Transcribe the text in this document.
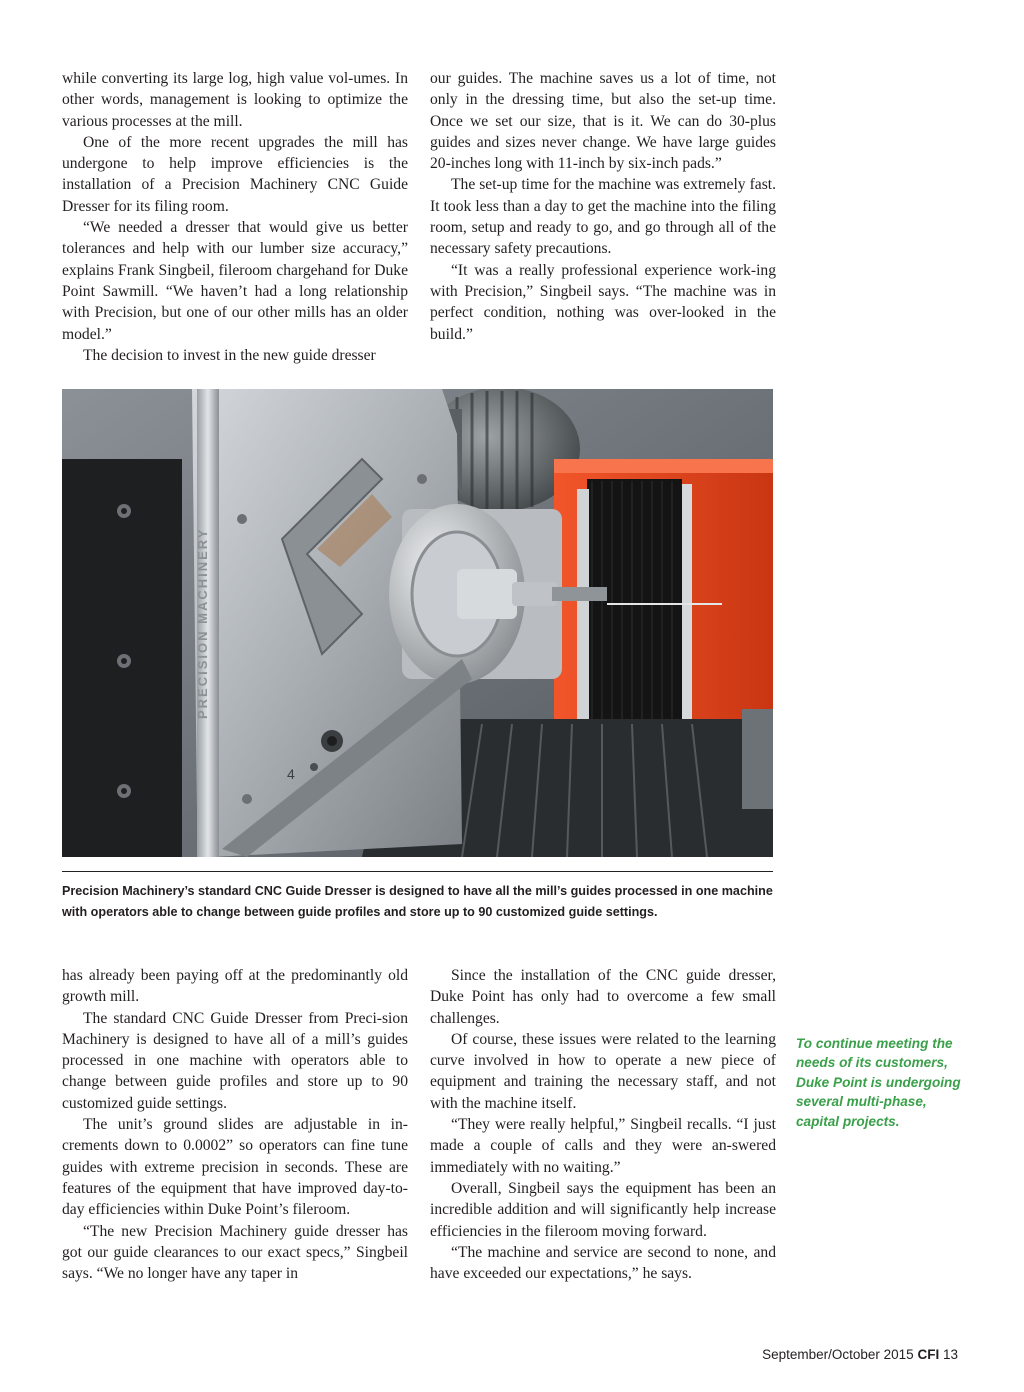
while converting its large log, high value vol-umes. In other words, management is looking to optimize the various processes at the mill.

One of the more recent upgrades the mill has undergone to help improve efficiencies is the installation of a Precision Machinery CNC Guide Dresser for its filing room.

“We needed a dresser that would give us better tolerances and help with our lumber size accuracy,” explains Frank Singbeil, fileroom chargehand for Duke Point Sawmill. “We haven’t had a long relationship with Precision, but one of our other mills has an older model.”

The decision to invest in the new guide dresser

our guides. The machine saves us a lot of time, not only in the dressing time, but also the set-up time. Once we set our size, that is it. We can do 30-plus guides and sizes never change. We have large guides 20-inches long with 11-inch by six-inch pads.”

The set-up time for the machine was extremely fast. It took less than a day to get the machine into the filing room, setup and ready to go, and go through all of the necessary safety precautions.

“It was a really professional experience work-ing with Precision,” Singbeil says. “The machine was in perfect condition, nothing was over-looked in the build.”

PRECISION MACHINERY
4
Precision Machinery’s standard CNC Guide Dresser is designed to have all the mill’s guides processed in one machine with operators able to change between guide profiles and store up to 90 customized guide settings.

has already been paying off at the predominantly old growth mill.

The standard CNC Guide Dresser from Preci-sion Machinery is designed to have all of a mill’s guides processed in one machine with operators able to change between guide profiles and store up to 90 customized guide settings.

The unit’s ground slides are adjustable in in-crements down to 0.0002” so operators can fine tune guides with extreme precision in seconds. These are features of the equipment that have improved day-to-day efficiencies within Duke Point’s fileroom.

“The new Precision Machinery guide dresser has got our guide clearances to our exact specs,” Singbeil says. “We no longer have any taper in

Since the installation of the CNC guide dresser, Duke Point has only had to overcome a few small challenges.

Of course, these issues were related to the learning curve involved in how to operate a new piece of equipment and training the necessary staff, and not with the machine itself.

“They were really helpful,” Singbeil recalls. “I just made a couple of calls and they were an-swered immediately with no waiting.”

Overall, Singbeil says the equipment has been an incredible addition and will significantly help increase efficiencies in the fileroom moving forward.

“The machine and service are second to none, and have exceeded our expectations,” he says.

To continue meeting the needs of its customers, Duke Point is undergoing several multi-phase, capital projects.
September/October 2015 CFI 13
